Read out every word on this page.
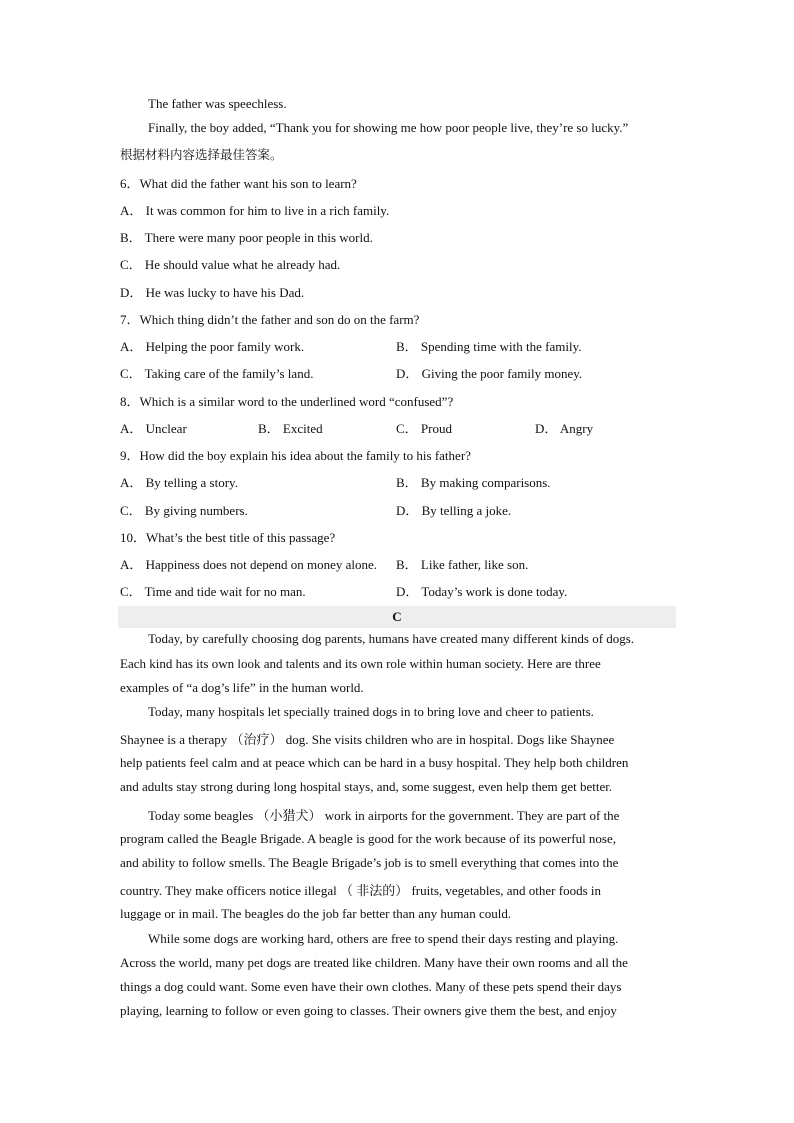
The father was speechless.
Finally, the boy added, “Thank you for showing me how poor people live, they’re so lucky.”
根据材料内容选择最佳答案。
6．What did the father want his son to learn?
A． It was common for him to live in a rich family.
B． There were many poor people in this world.
C． He should value what he already had.
D． He was lucky to have his Dad.
7．Which thing didn’t the father and son do on the farm?
A． Helping the poor family work.	B． Spending time with the family.
C． Taking care of the family’s land.	D． Giving the poor family money.
8．Which is a similar word to the underlined word “confused”?
A． Unclear	B． Excited	C． Proud	D． Angry
9．How did the boy explain his idea about the family to his father?
A． By telling a story.	B． By making comparisons.
C． By giving numbers.	D． By telling a joke.
10．What’s the best title of this passage?
A． Happiness does not depend on money alone. B． Like father, like son.
C． Time and tide wait for no man.	D． Today’s work is done today.
C
Today, by carefully choosing dog parents, humans have created many different kinds of dogs.
Each kind has its own look and talents and its own role within human society. Here are three
examples of “a dog’s life” in the human world.
Today, many hospitals let specially trained dogs in to bring love and cheer to patients.
Shaynee is a therapy （治疗） dog. She visits children who are in hospital. Dogs like Shaynee
help patients feel calm and at peace which can be hard in a busy hospital. They help both children
and adults stay strong during long hospital stays, and, some suggest, even help them get better.
Today some beagles （小猎犬） work in airports for the government. They are part of the
program called the Beagle Brigade. A beagle is good for the work because of its powerful nose,
and ability to follow smells. The Beagle Brigade’s job is to smell everything that comes into the
country. They make officers notice illegal （ 非法的） fruits, vegetables, and other foods in
luggage or in mail. The beagles do the job far better than any human could.
While some dogs are working hard, others are free to spend their days resting and playing.
Across the world, many pet dogs are treated like children. Many have their own rooms and all the
things a dog could want. Some even have their own clothes. Many of these pets spend their days
playing, learning to follow or even going to classes. Their owners give them the best, and enjoy
